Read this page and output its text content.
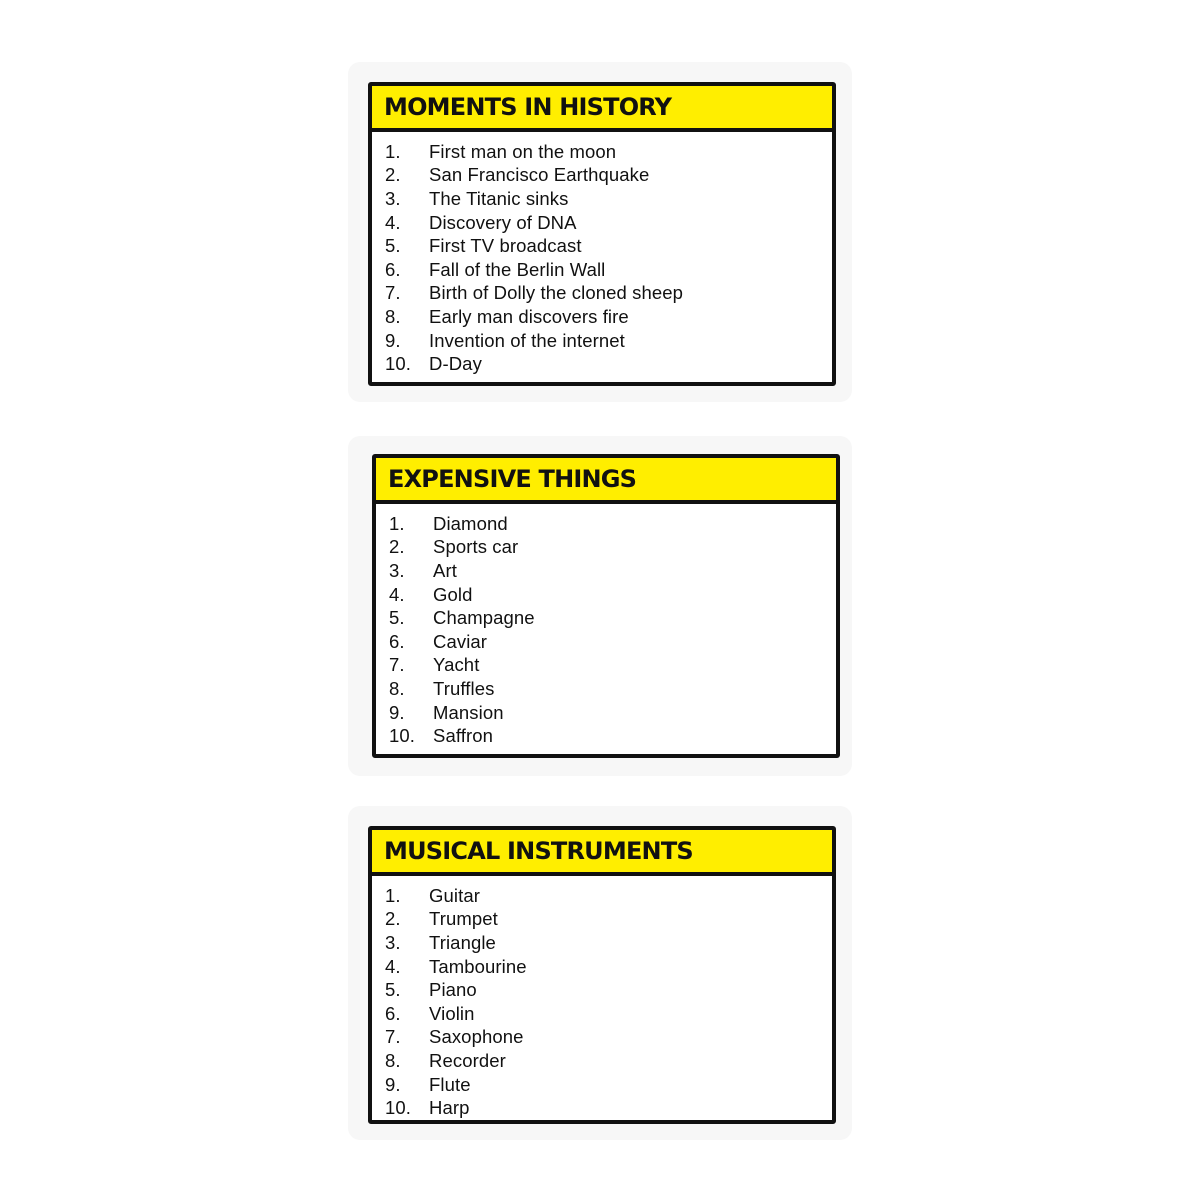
MOMENTS IN HISTORY
1.	First man on the moon
2.	San Francisco Earthquake
3.	The Titanic sinks
4.	Discovery of DNA
5.	First TV broadcast
6.	Fall of the Berlin Wall
7.	Birth of Dolly the cloned sheep
8.	Early man discovers fire
9.	Invention of the internet
10. D-Day
EXPENSIVE THINGS
1.	Diamond
2.	Sports car
3.	Art
4.	Gold
5.	Champagne
6.	Caviar
7.	Yacht
8.	Truffles
9.	Mansion
10. Saffron
MUSICAL INSTRUMENTS
1.	Guitar
2.	Trumpet
3.	Triangle
4.	Tambourine
5.	Piano
6.	Violin
7.	Saxophone
8.	Recorder
9.	Flute
10. Harp
